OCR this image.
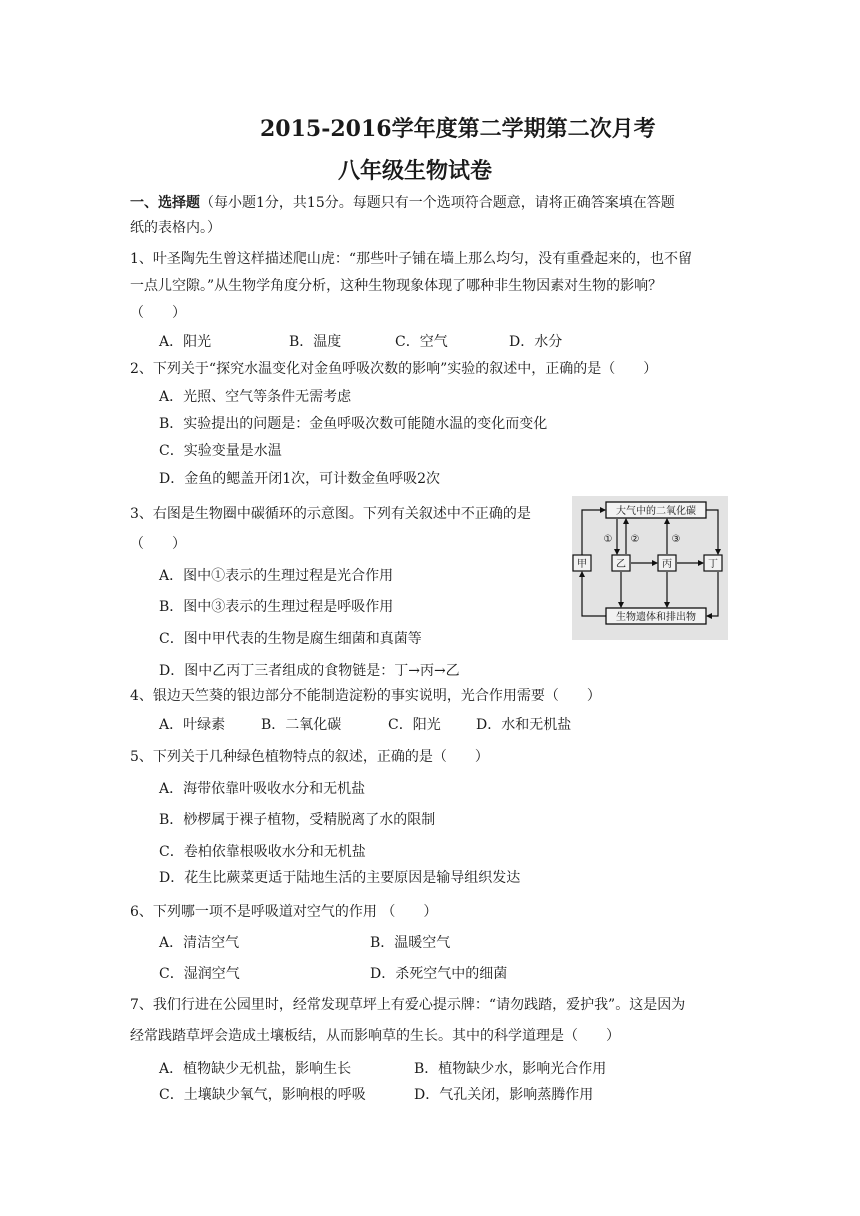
2015-2016学年度第二学期第二次月考
八年级生物试卷
一、选择题（每小题1分，共15分。每题只有一个选项符合题意，请将正确答案填在答题
纸的表格内。）
1、叶圣陶先生曾这样描述爬山虎：“那些叶子铺在墙上那么均匀，没有重叠起来的，也不留
一点儿空隙。”从生物学角度分析，这种生物现象体现了哪种非生物因素对生物的影响？
（　　）
A．阳光	B．温度	C．空气	D．水分
2、下列关于“探究水温变化对金鱼呼吸次数的影响”实验的叙述中，正确的是（　　）
A．光照、空气等条件无需考虑
B．实验提出的问题是：金鱼呼吸次数可能随水温的变化而变化
C．实验变量是水温
D．金鱼的鳃盖开闭1次，可计数金鱼呼吸2次
3、右图是生物圈中碳循环的示意图。下列有关叙述中不正确的是
（　　）
A．图中①表示的生理过程是光合作用
B．图中③表示的生理过程是呼吸作用
C．图中甲代表的生物是腐生细菌和真菌等
D．图中乙丙丁三者组成的食物链是：丁→丙→乙
大气中的二氧化碳
生物遗体和排出物
甲	乙	丙	丁
① ②	③
4、银边天竺葵的银边部分不能制造淀粉的事实说明，光合作用需要（　　）
A．叶绿素	B．二氧化碳	C．阳光	D．水和无机盐
5、下列关于几种绿色植物特点的叙述，正确的是（　　）
A．海带依靠叶吸收水分和无机盐
B．桫椤属于裸子植物，受精脱离了水的限制
C．卷柏依靠根吸收水分和无机盐
D．花生比蕨菜更适于陆地生活的主要原因是输导组织发达
6、下列哪一项不是呼吸道对空气的作用 （　　）
A．清洁空气	B．温暖空气
C．湿润空气	D．杀死空气中的细菌
7、我们行进在公园里时，经常发现草坪上有爱心提示牌：“请勿践踏，爱护我”。这是因为
经常践踏草坪会造成土壤板结，从而影响草的生长。其中的科学道理是（　　）
A．植物缺少无机盐，影响生长	B．植物缺少水，影响光合作用
C．土壤缺少氧气，影响根的呼吸	D．气孔关闭，影响蒸腾作用
